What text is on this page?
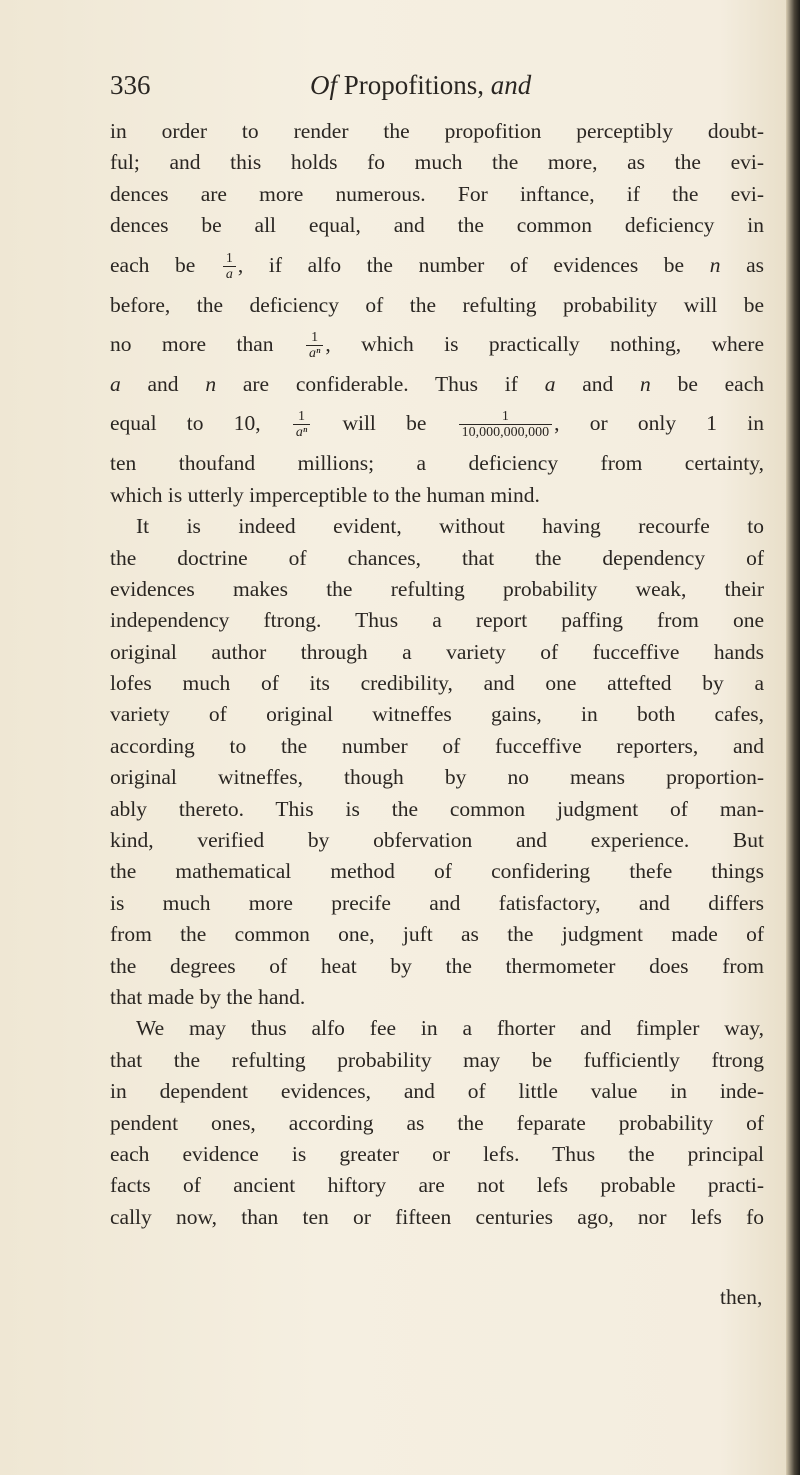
336	Of Propofitions, and
in order to render the propofition perceptibly doubt-
ful; and this holds fo much the more, as the evi-
dences are more numerous. For inftance, if the evi-
dences be all equal, and the common deficiency in
each be $\frac{1}{a}$ , if alfo the number of evidences be n as
before, the deficiency of the refulting probability will be
no more than $\frac{1}{\text{aⁿ}}$ , which is practically nothing, where
a and n are confiderable. Thus if a and n be each
equal to 10, $\frac{1}{\text{aⁿ}}$ will be $\frac{1}{10,000,000,000}$ , or only 1 in
ten thoufand millions; a deficiency from certainty,
which is utterly imperceptible to the human mind.
It is indeed evident, without having recourfe to
the doctrine of chances, that the dependency of
evidences makes the refulting probability weak, their
independency ftrong. Thus a report paffing from one
original author through a variety of fucceffive hands
lofes much of its credibility, and one attefted by a
variety of original witneffes gains, in both cafes,
according to the number of fucceffive reporters, and
original witneffes, though by no means proportion-
ably thereto. This is the common judgment of man-
kind, verified by obfervation and experience. But
the mathematical method of confidering thefe things
is much more precife and fatisfactory, and differs
from the common one, juft as the judgment made of
the degrees of heat by the thermometer does from
that made by the hand.
We may thus alfo fee in a fhorter and fimpler way,
that the refulting probability may be fufficiently ftrong
in dependent evidences, and of little value in inde-
pendent ones, according as the feparate probability of
each evidence is greater or lefs. Thus the principal
facts of ancient hiftory are not lefs probable practi-
cally now, than ten or fifteen centuries ago, nor lefs fo
then,
